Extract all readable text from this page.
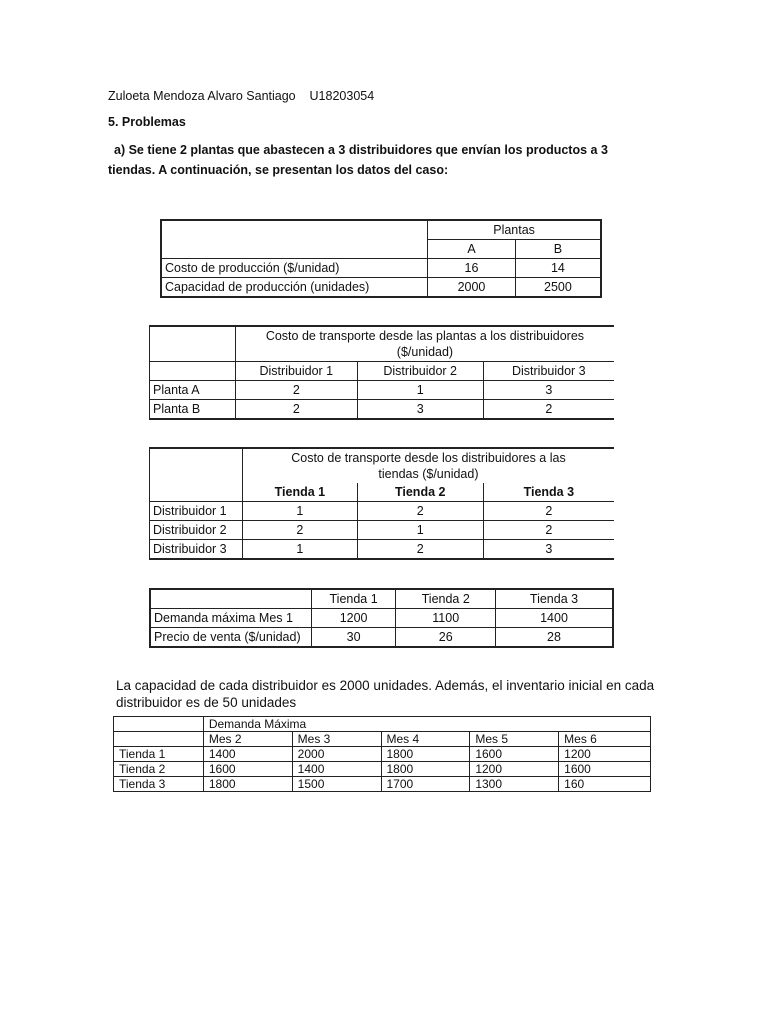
Zuloeta Mendoza Alvaro Santiago U18203054
5. Problemas
a) Se tiene 2 plantas que abastecen a 3 distribuidores que envían los productos a 3 tiendas. A continuación, se presentan los datos del caso:
	Plantas	
	A	B
Costo de producción ($/unidad)	16	14
Capacidad de producción (unidades)	2000	2500
	Costo de transporte desde las plantas a los distribuidores ($/unidad)		
	Distribuidor 1	Distribuidor 2	Distribuidor 3
Planta A	2	1	3
Planta B	2	3	2
	Costo de transporte desde los distribuidores a las tiendas ($/unidad)		
	Tienda 1	Tienda 2	Tienda 3
Distribuidor 1	1	2	2
Distribuidor 2	2	1	2
Distribuidor 3	1	2	3
	Tienda 1	Tienda 2	Tienda 3
Demanda máxima Mes 1	1200	1100	1400
Precio de venta ($/unidad)	30	26	28
La capacidad de cada distribuidor es 2000 unidades. Además, el inventario inicial en cada distribuidor es de 50 unidades
	Demanda Máxima				
	Mes 2	Mes 3	Mes 4	Mes 5	Mes 6
Tienda 1	1400	2000	1800	1600	1200
Tienda 2	1600	1400	1800	1200	1600
Tienda 3	1800	1500	1700	1300	160
